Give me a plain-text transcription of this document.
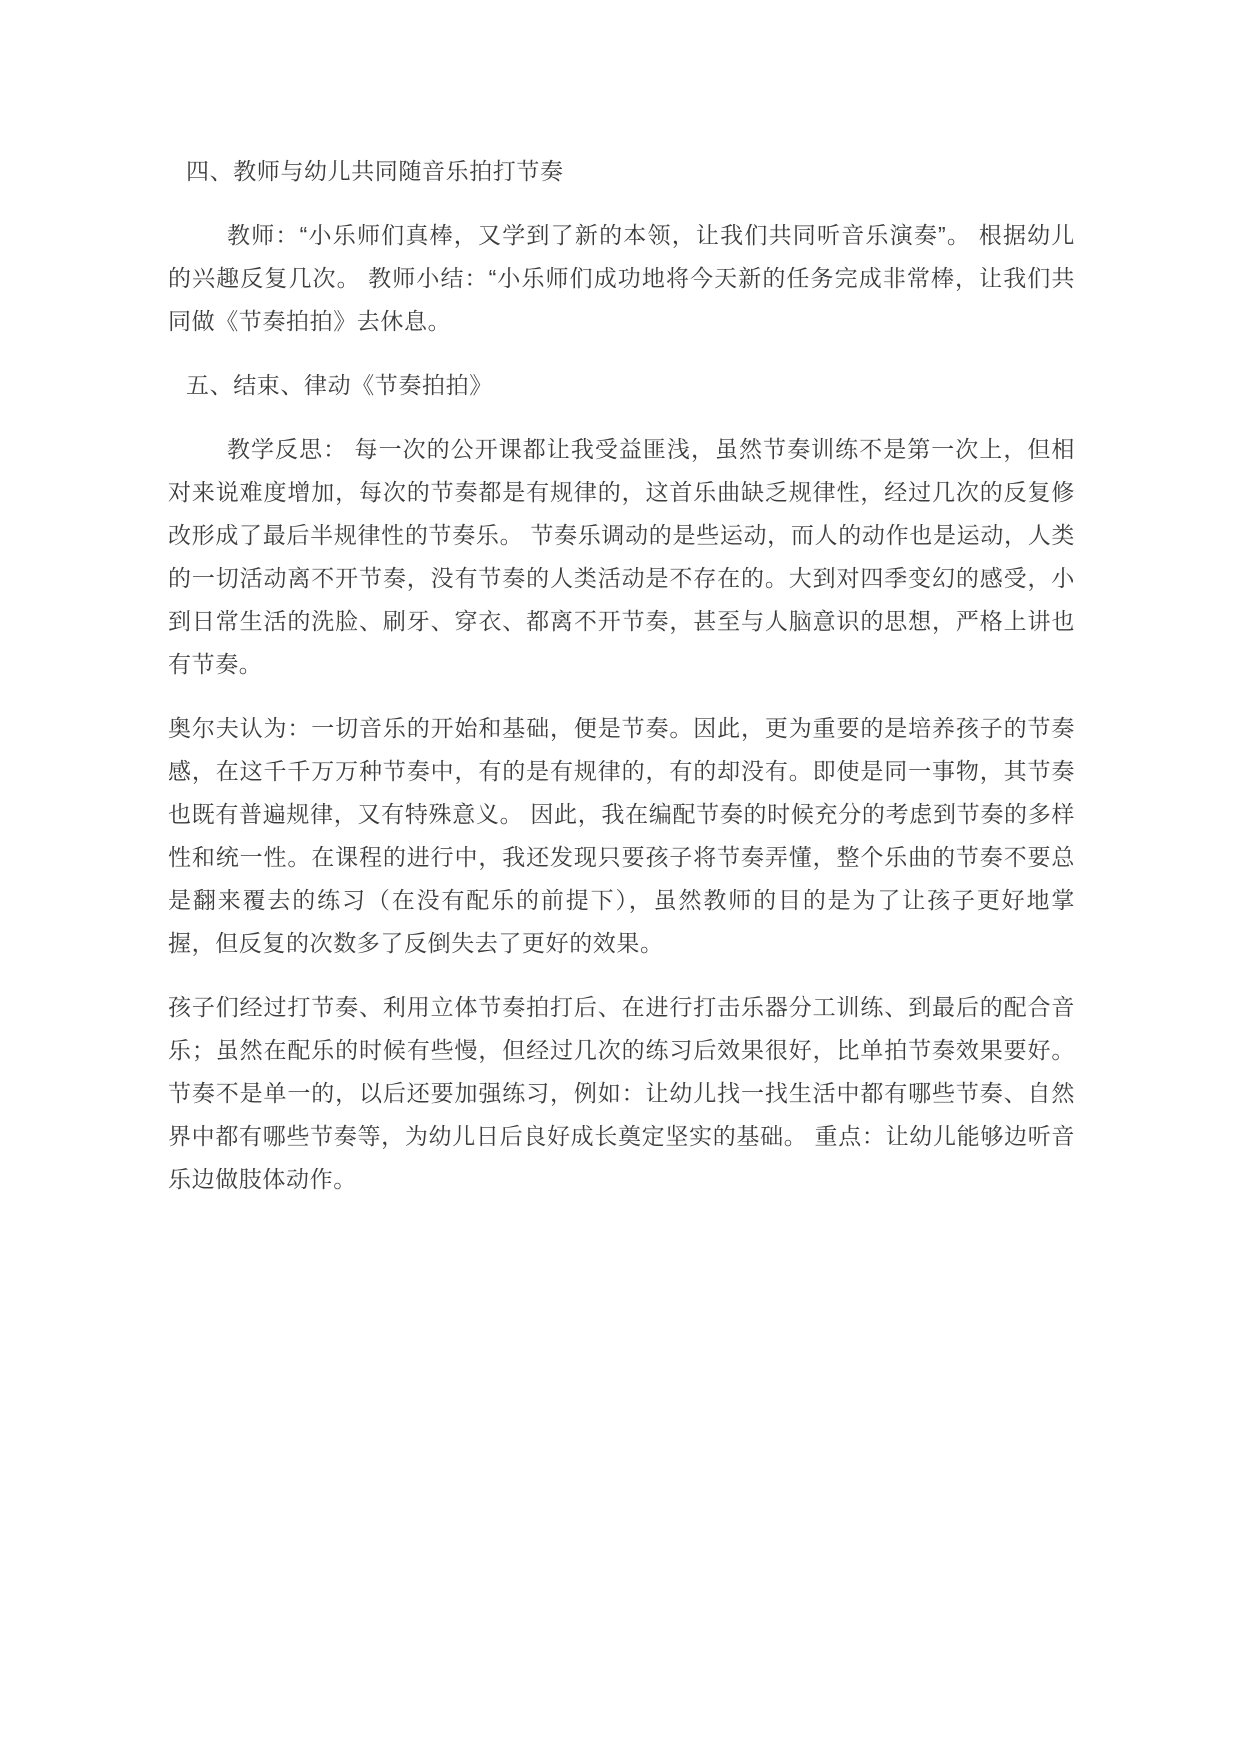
四、教师与幼儿共同随音乐拍打节奏

教师：“小乐师们真棒，又学到了新的本领，让我们共同听音乐演奏”。 根据幼儿的兴趣反复几次。 教师小结：“小乐师们成功地将今天新的任务完成非常棒，让我们共同做《节奏拍拍》去休息。

五、结束、律动《节奏拍拍》

教学反思： 每一次的公开课都让我受益匪浅，虽然节奏训练不是第一次上，但相对来说难度增加，每次的节奏都是有规律的，这首乐曲缺乏规律性，经过几次的反复修改形成了最后半规律性的节奏乐。 节奏乐调动的是些运动，而人的动作也是运动，人类的一切活动离不开节奏，没有节奏的人类活动是不存在的。大到对四季变幻的感受，小到日常生活的洗脸、刷牙、穿衣、都离不开节奏，甚至与人脑意识的思想，严格上讲也有节奏。

奥尔夫认为：一切音乐的开始和基础，便是节奏。因此，更为重要的是培养孩子的节奏感，在这千千万万种节奏中，有的是有规律的，有的却没有。即使是同一事物，其节奏也既有普遍规律，又有特殊意义。 因此，我在编配节奏的时候充分的考虑到节奏的多样性和统一性。在课程的进行中，我还发现只要孩子将节奏弄懂，整个乐曲的节奏不要总是翻来覆去的练习（在没有配乐的前提下），虽然教师的目的是为了让孩子更好地掌握，但反复的次数多了反倒失去了更好的效果。

孩子们经过打节奏、利用立体节奏拍打后、在进行打击乐器分工训练、到最后的配合音乐；虽然在配乐的时候有些慢，但经过几次的练习后效果很好，比单拍节奏效果要好。 节奏不是单一的，以后还要加强练习，例如：让幼儿找一找生活中都有哪些节奏、自然界中都有哪些节奏等，为幼儿日后良好成长奠定坚实的基础。 重点：让幼儿能够边听音乐边做肢体动作。
